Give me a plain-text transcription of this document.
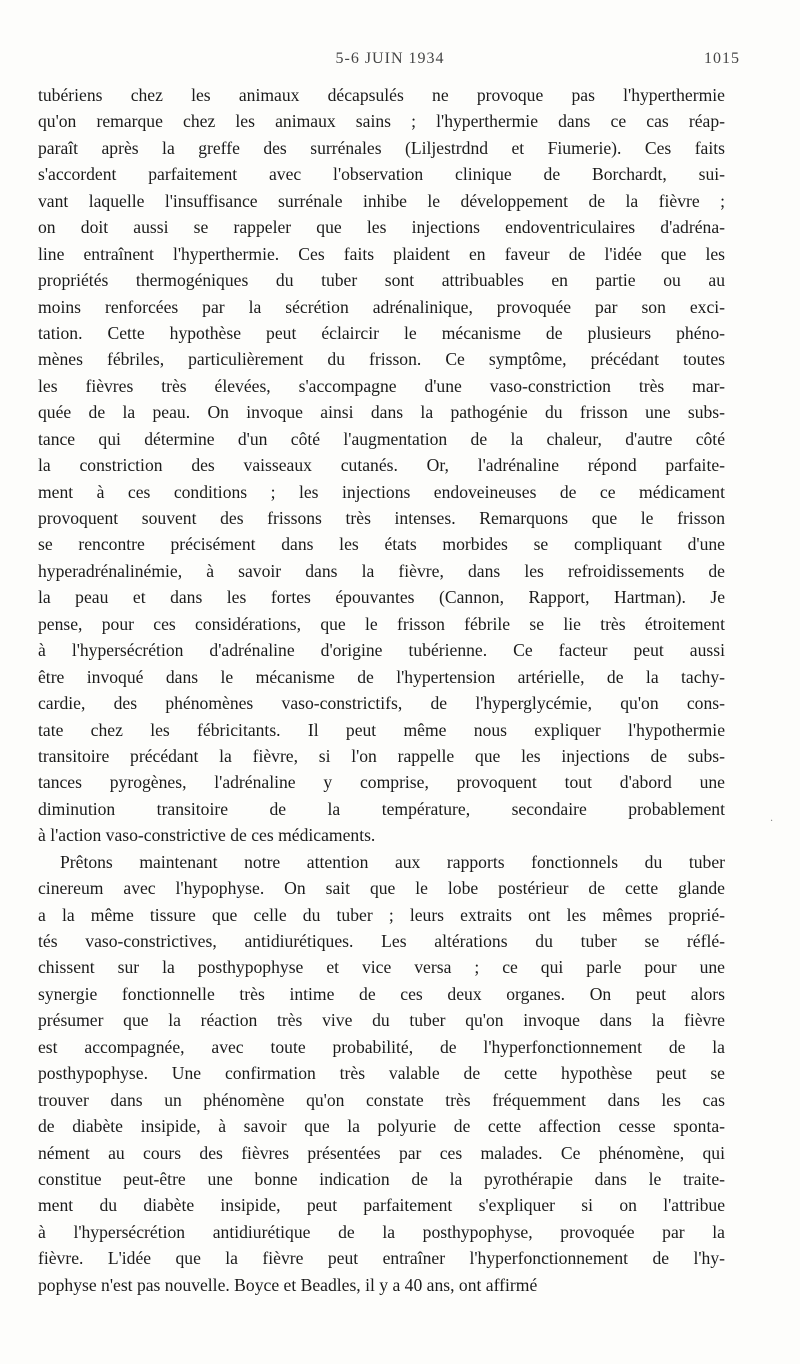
5-6 JUIN 1934	1015
tubériens chez les animaux décapsulés ne provoque pas l'hyperthermie
qu'on remarque chez les animaux sains ; l'hyperthermie dans ce cas réap-
paraît après la greffe des surrénales (Liljestrdnd et Fiumerie). Ces faits
s'accordent parfaitement avec l'observation clinique de Borchardt, sui-
vant laquelle l'insuffisance surrénale inhibe le développement de la fièvre ;
on doit aussi se rappeler que les injections endoventriculaires d'adréna-
line entraînent l'hyperthermie. Ces faits plaident en faveur de l'idée que les
propriétés thermogéniques du tuber sont attribuables en partie ou au
moins renforcées par la sécrétion adrénalinique, provoquée par son exci-
tation. Cette hypothèse peut éclaircir le mécanisme de plusieurs phéno-
mènes fébriles, particulièrement du frisson. Ce symptôme, précédant toutes
les fièvres très élevées, s'accompagne d'une vaso-constriction très mar-
quée de la peau. On invoque ainsi dans la pathogénie du frisson une subs-
tance qui détermine d'un côté l'augmentation de la chaleur, d'autre côté
la constriction des vaisseaux cutanés. Or, l'adrénaline répond parfaite-
ment à ces conditions ; les injections endoveineuses de ce médicament
provoquent souvent des frissons très intenses. Remarquons que le frisson
se rencontre précisément dans les états morbides se compliquant d'une
hyperadrénalinémie, à savoir dans la fièvre, dans les refroidissements de
la peau et dans les fortes épouvantes (Cannon, Rapport, Hartman). Je
pense, pour ces considérations, que le frisson fébrile se lie très étroitement
à l'hypersécrétion d'adrénaline d'origine tubérienne. Ce facteur peut aussi
être invoqué dans le mécanisme de l'hypertension artérielle, de la tachy-
cardie, des phénomènes vaso-constrictifs, de l'hyperglycémie, qu'on cons-
tate chez les fébricitants. Il peut même nous expliquer l'hypothermie
transitoire précédant la fièvre, si l'on rappelle que les injections de subs-
tances pyrogènes, l'adrénaline y comprise, provoquent tout d'abord une
diminution transitoire de la température, secondaire probablement
à l'action vaso-constrictive de ces médicaments.
Prêtons maintenant notre attention aux rapports fonctionnels du tuber
cinereum avec l'hypophyse. On sait que le lobe postérieur de cette glande
a la même tissure que celle du tuber ; leurs extraits ont les mêmes proprié-
tés vaso-constrictives, antidiurétiques. Les altérations du tuber se réflé-
chissent sur la posthypophyse et vice versa ; ce qui parle pour une
synergie fonctionnelle très intime de ces deux organes. On peut alors
présumer que la réaction très vive du tuber qu'on invoque dans la fièvre
est accompagnée, avec toute probabilité, de l'hyperfonctionnement de la
posthypophyse. Une confirmation très valable de cette hypothèse peut se
trouver dans un phénomène qu'on constate très fréquemment dans les cas
de diabète insipide, à savoir que la polyurie de cette affection cesse sponta-
nément au cours des fièvres présentées par ces malades. Ce phénomène, qui
constitue peut-être une bonne indication de la pyrothérapie dans le traite-
ment du diabète insipide, peut parfaitement s'expliquer si on l'attribue
à l'hypersécrétion antidiurétique de la posthypophyse, provoquée par la
fièvre. L'idée que la fièvre peut entraîner l'hyperfonctionnement de l'hy-
pophyse n'est pas nouvelle. Boyce et Beadles, il y a 40 ans, ont affirmé
·
